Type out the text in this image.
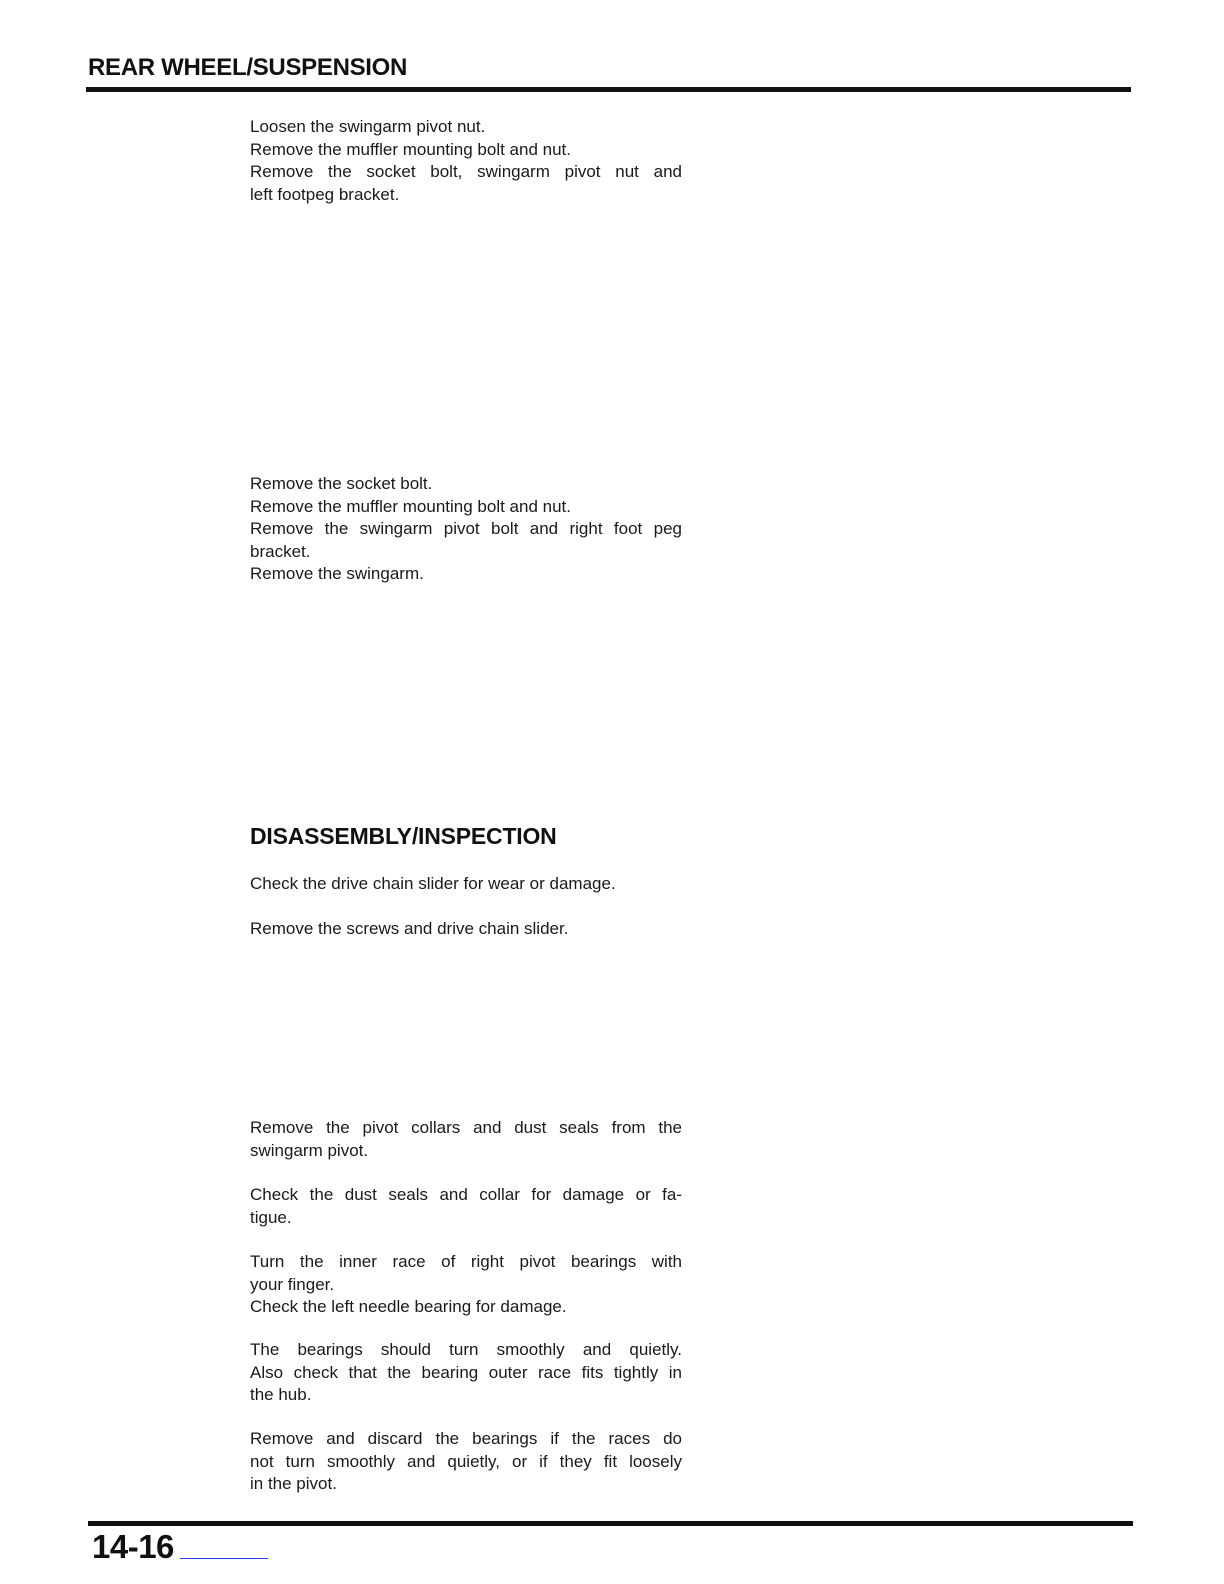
REAR WHEEL/SUSPENSION
Loosen the swingarm pivot nut.
Remove the muffler mounting bolt and nut.
Remove the socket bolt, swingarm pivot nut and
left footpeg bracket.
Remove the socket bolt.
Remove the muffler mounting bolt and nut.
Remove the swingarm pivot bolt and right foot peg
bracket.
Remove the swingarm.
DISASSEMBLY/INSPECTION
Check the drive chain slider for wear or damage.
Remove the screws and drive chain slider.
Remove the pivot collars and dust seals from the
swingarm pivot.
Check the dust seals and collar for damage or fa-
tigue.
Turn the inner race of right pivot bearings with
your finger.
Check the left needle bearing for damage.
The bearings should turn smoothly and quietly.
Also check that the bearing outer race fits tightly in
the hub.
Remove and discard the bearings if the races do
not turn smoothly and quietly, or if they fit loosely
in the pivot.
14-16
